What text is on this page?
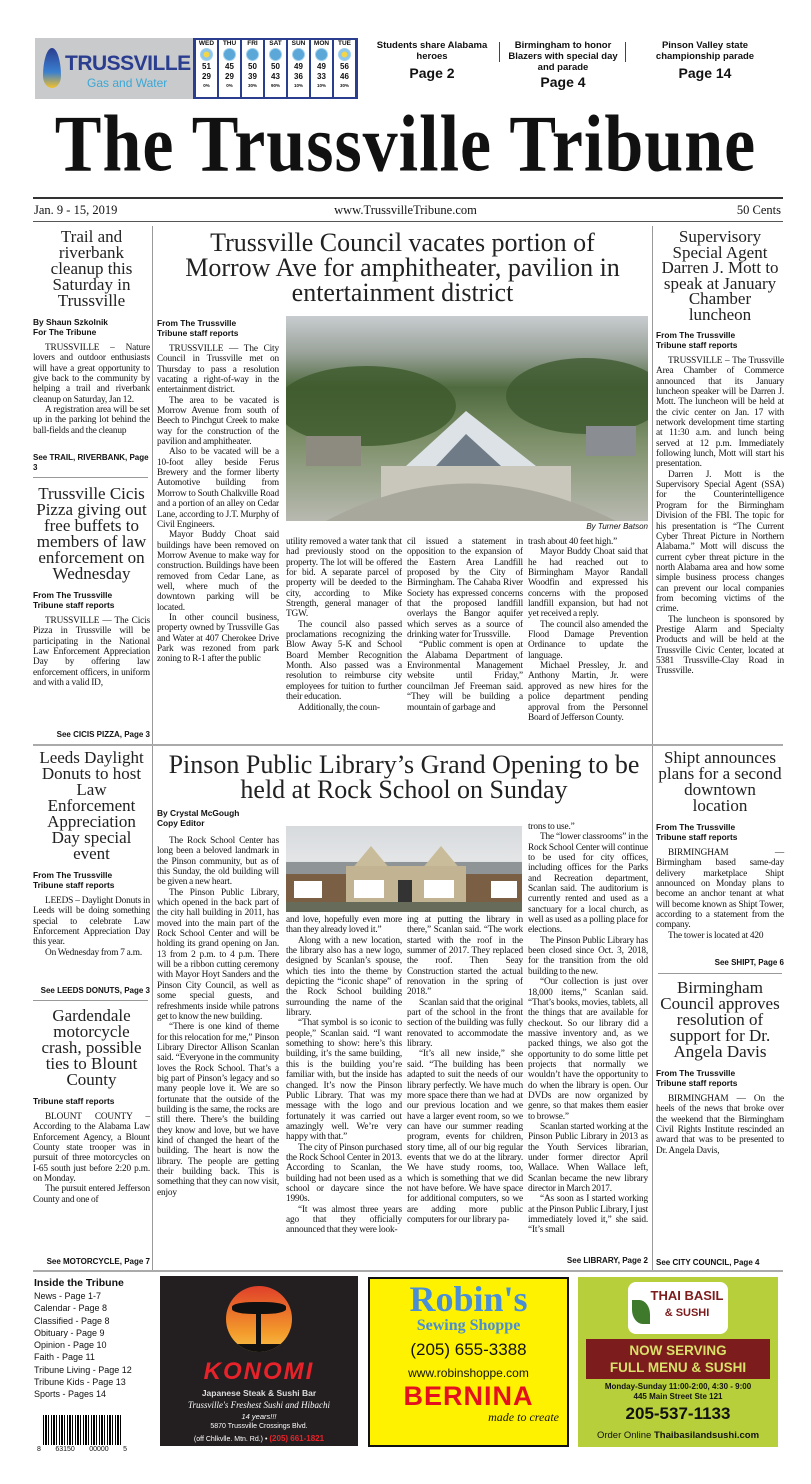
TRUSSVILLE
Gas and Water
WED
51
29
0%
THU
45
29
0%
FRI
50
39
30%
SAT
50
43
90%
SUN
49
36
10%
MON
49
33
10%
TUE
56
46
30%
Students share Alabama heroes
Page 2
Birmingham to honor Blazers with special day and parade
Page 4
Pinson Valley state championship parade
Page 14
The Trussville Tribune
Jan. 9 - 15, 2019	www.TrussvilleTribune.com	50 Cents
Trail and riverbank cleanup this Saturday in Trussville
By Shaun Szkolnik
For The Tribune

TRUSSVILLE – Nature lovers and outdoor enthusiasts will have a great opportunity to give back to the community by helping a trail and riverbank cleanup on Saturday, Jan 12.

A registration area will be set up in the parking lot behind the ball-fields and the cleanup

See TRAIL, RIVERBANK, Page 3
Trussville Cicis Pizza giving out free buffets to members of law enforcement on Wednesday
From The Trussville
Tribune staff reports

TRUSSVILLE — The Cicis Pizza in Trussville will be participating in the National Law Enforcement Appreciation Day by offering law enforcement officers, in uniform and with a valid ID,

See CICIS PIZZA, Page 3
Leeds Daylight Donuts to host Law Enforcement Appreciation Day special event
From The Trussville
Tribune staff reports

LEEDS – Daylight Donuts in Leeds will be doing something special to celebrate Law Enforcement Appreciation Day this year.

On Wednesday from 7 a.m.

See LEEDS DONUTS, Page 3
Gardendale motorcycle crash, possible ties to Blount County
Tribune staff reports

BLOUNT COUNTY – According to the Alabama Law Enforcement Agency, a Blount County state trooper was in pursuit of three motorcycles on I-65 south just before 2:20 p.m. on Monday.

The pursuit entered Jefferson County and one of

See MOTORCYCLE, Page 7
Trussville Council vacates portion of Morrow Ave for amphitheater, pavilion in entertainment district
From The Trussville
Tribune staff reports

TRUSSVILLE — The City Council in Trussville met on Thursday to pass a resolution vacating a right-of-way in the entertainment district.

The area to be vacated is Morrow Avenue from south of Beech to Pinchgut Creek to make way for the construction of the pavilion and amphitheater.

Also to be vacated will be a 10-foot alley beside Ferus Brewery and the former liberty Automotive building from Morrow to South Chalkville Road and a portion of an alley on Cedar Lane, according to J.T. Murphy of Civil Engineers.

Mayor Buddy Choat said buildings have been removed on Morrow Avenue to make way for construction. Buildings have been removed from Cedar Lane, as well, where much of the downtown parking will be located.

In other council business, property owned by Trussville Gas and Water at 407 Cherokee Drive Park was rezoned from park zoning to R-1 after the public

By Turner Batson

utility removed a water tank that had previously stood on the property. The lot will be offered for bid. A separate parcel of property will be deeded to the city, according to Mike Strength, general manager of TGW.

The council also passed proclamations recognizing the Blow Away 5-K and School Board Member Recognition Month. Also passed was a resolution to reimburse city employees for tuition to further their education.

Additionally, the coun-

cil issued a statement in opposition to the expansion of the Eastern Area Landfill proposed by the City of Birmingham. The Cahaba River Society has expressed concerns that the proposed landfill overlays the Bangor aquifer which serves as a source of drinking water for Trussville.

“Public comment is open at the Alabama Department of Environmental Management website until Friday,” councilman Jef Freeman said. “They will be building a mountain of garbage and

trash about 40 feet high.”

Mayor Buddy Choat said that he had reached out to Birmingham Mayor Randall Woodfin and expressed his concerns with the proposed landfill expansion, but had not yet received a reply.

The council also amended the Flood Damage Prevention Ordinance to update the language.

Michael Pressley, Jr. and Anthony Martin, Jr. were approved as new hires for the police department pending approval from the Personnel Board of Jefferson County.

Supervisory Special Agent Darren J. Mott to speak at January Chamber luncheon
From The Trussville
Tribune staff reports

TRUSSVILLE – The Trussville Area Chamber of Commerce announced that its January luncheon speaker will be Darren J. Mott. The luncheon will be held at the civic center on Jan. 17 with network development time starting at 11:30 a.m. and lunch being served at 12 p.m. Immediately following lunch, Mott will start his presentation.

Darren J. Mott is the Supervisory Special Agent (SSA) for the Counterintelligence Program for the Birmingham Division of the FBI. The topic for his presentation is “The Current Cyber Threat Picture in Northern Alabama.” Mott will discuss the current cyber threat picture in the north Alabama area and how some simple business process changes can prevent our local companies from becoming victims of the crime.

The luncheon is sponsored by Prestige Alarm and Specialty Products and will be held at the Trussville Civic Center, located at 5381 Trussville-Clay Road in Trussville.

Shipt announces plans for a second downtown location
From The Trussville
Tribune staff reports

BIRMINGHAM — Birmingham based same-day delivery marketplace Shipt announced on Monday plans to become an anchor tenant at what will become known as Shipt Tower, according to a statement from the company.

The tower is located at 420

See SHIPT, Page 6
Birmingham Council approves resolution of support for Dr. Angela Davis
From The Trussville
Tribune staff reports

BIRMINGHAM — On the heels of the news that broke over the weekend that the Birmingham Civil Rights Institute rescinded an award that was to be presented to Dr. Angela Davis,

See CITY COUNCIL, Page 4
Pinson Public Library’s Grand Opening to be held at Rock School on Sunday
By Crystal McGough
Copy Editor

The Rock School Center has long been a beloved landmark in the Pinson community, but as of this Sunday, the old building will be given a new heart.

The Pinson Public Library, which opened in the back part of the city hall building in 2011, has moved into the main part of the Rock School Center and will be holding its grand opening on Jan. 13 from 2 p.m. to 4 p.m. There will be a ribbon cutting ceremony with Mayor Hoyt Sanders and the Pinson City Council, as well as some special guests, and refreshments inside while patrons get to know the new building.

“There is one kind of theme for this relocation for me,” Pinson Library Director Allison Scanlan said. “Everyone in the community loves the Rock School. That’s a big part of Pinson’s legacy and so many people love it. We are so fortunate that the outside of the building is the same, the rocks are still there. There’s the building they know and love, but we have kind of changed the heart of the building. The heart is now the library. The people are getting their building back. This is something that they can now visit, enjoy

and love, hopefully even more than they already loved it.”

Along with a new location, the library also has a new logo, designed by Scanlan’s spouse, which ties into the theme by depicting the “iconic shape” of the Rock School building surrounding the name of the library.

“That symbol is so iconic to people,” Scanlan said. “I want something to show: here’s this building, it’s the same building, this is the building you’re familiar with, but the inside has changed. It’s now the Pinson Public Library. That was my message with the logo and fortunately it was carried out amazingly well. We’re very happy with that.”

The city of Pinson purchased the Rock School Center in 2013. According to Scanlan, the building had not been used as a school or daycare since the 1990s.

“It was almost three years ago that they officially announced that they were look-

ing at putting the library in there,” Scanlan said. “The work started with the roof in the summer of 2017. They replaced the roof. Then Seay Construction started the actual renovation in the spring of 2018.”

Scanlan said that the original part of the school in the front section of the building was fully renovated to accommodate the library.

“It’s all new inside,” she said. “The building has been adapted to suit the needs of our library perfectly. We have much more space there than we had at our previous location and we have a larger event room, so we can have our summer reading program, events for children, story time, all of our big regular events that we do at the library. We have study rooms, too, which is something that we did not have before. We have space for additional computers, so we are adding more public computers for our library pa-

trons to use.”

The “lower classrooms” in the Rock School Center will continue to be used for city offices, including offices for the Parks and Recreation department, Scanlan said. The auditorium is currently rented and used as a sanctuary for a local church, as well as used as a polling place for elections.

The Pinson Public Library has been closed since Oct. 3, 2018, for the transition from the old building to the new.

“Our collection is just over 18,000 items,” Scanlan said. “That’s books, movies, tablets, all the things that are available for checkout. So our library did a massive inventory and, as we packed things, we also got the opportunity to do some little pet projects that normally we wouldn’t have the opportunity to do when the library is open. Our DVDs are now organized by genre, so that makes them easier to browse.”

Scanlan started working at the Pinson Public Library in 2013 as the Youth Services librarian, under former director April Wallace. When Wallace left, Scanlan became the new library director in March 2017.

“As soon as I started working at the Pinson Public Library, I just immediately loved it,” she said. “It’s small

See LIBRARY, Page 2
Inside the Tribune
News - Page 1-7
Calendar - Page 8
Classified - Page 8
Obituary - Page 9
Opinion - Page 10
Faith - Page 11
Tribune Living - Page 12
Tribune Kids - Page 13
Sports - Pages 14
8 63150 00000 5
KONOMI
Japanese Steak & Sushi Bar
Trussville's Freshest Sushi and Hibachi
14 years!!!
5870 Trussville Crossings Blvd.
(off Chlkvlle. Mtn. Rd.) • (205) 661-1821
Robin's
Sewing Shoppe
(205) 655-3388
www.robinshoppe.com
BERNINA
made to create
THAI BASIL
& SUSHI
NOW SERVING
FULL MENU & SUSHI
Monday-Sunday 11:00-2:00, 4:30 - 9:00
445 Main Street Ste 121
205-537-1133
Order Online Thaibasilandsushi.com
